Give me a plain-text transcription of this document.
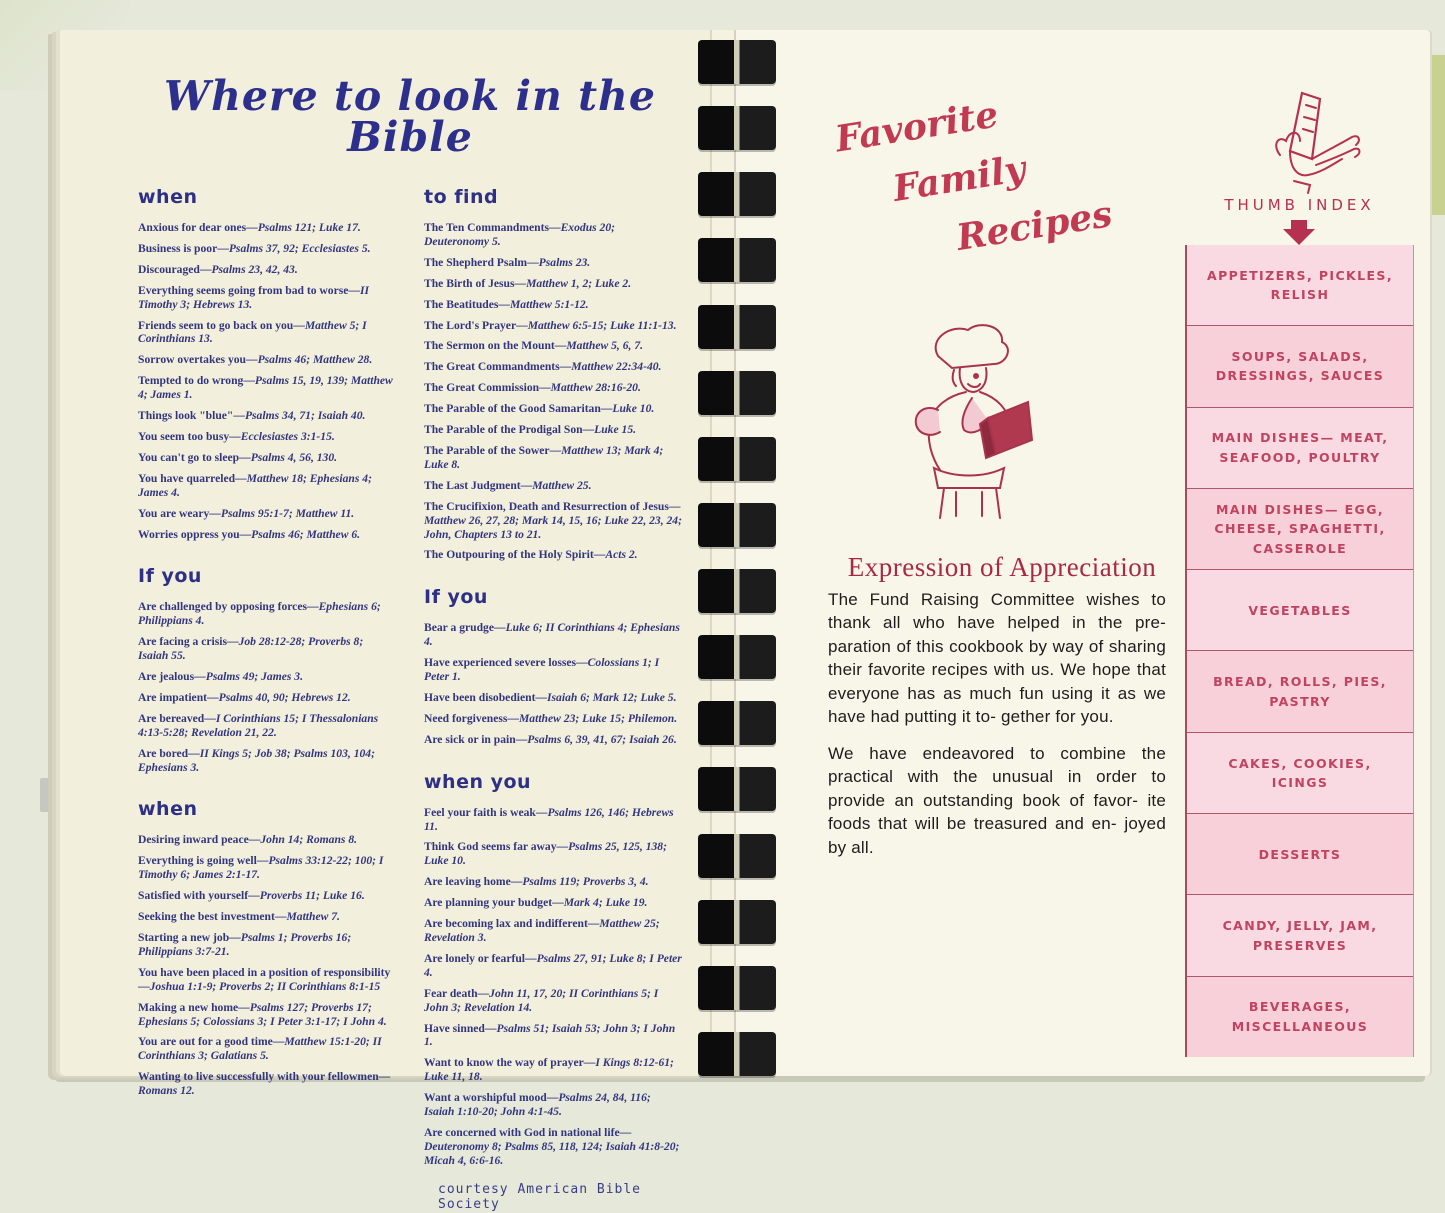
Where to look in the Bible
when

Anxious for dear ones—Psalms 121; Luke 17.

Business is poor—Psalms 37, 92; Ecclesiastes 5.

Discouraged—Psalms 23, 42, 43.

Everything seems going from bad to worse—II Timothy 3; Hebrews 13.

Friends seem to go back on you—Matthew 5; I Corinthians 13.

Sorrow overtakes you—Psalms 46; Matthew 28.

Tempted to do wrong—Psalms 15, 19, 139; Matthew 4; James 1.

Things look "blue"—Psalms 34, 71; Isaiah 40.

You seem too busy—Ecclesiastes 3:1-15.

You can't go to sleep—Psalms 4, 56, 130.

You have quarreled—Matthew 18; Ephesians 4; James 4.

You are weary—Psalms 95:1-7; Matthew 11.

Worries oppress you—Psalms 46; Matthew 6.

If you

Are challenged by opposing forces—Ephesians 6; Philippians 4.

Are facing a crisis—Job 28:12-28; Proverbs 8; Isaiah 55.

Are jealous—Psalms 49; James 3.

Are impatient—Psalms 40, 90; Hebrews 12.

Are bereaved—I Corinthians 15; I Thessalonians 4:13-5:28; Revelation 21, 22.

Are bored—II Kings 5; Job 38; Psalms 103, 104; Ephesians 3.

when

Desiring inward peace—John 14; Romans 8.

Everything is going well—Psalms 33:12-22; 100; I Timothy 6; James 2:1-17.

Satisfied with yourself—Proverbs 11; Luke 16.

Seeking the best investment—Matthew 7.

Starting a new job—Psalms 1; Proverbs 16; Philippians 3:7-21.

You have been placed in a position of responsibility—Joshua 1:1-9; Proverbs 2; II Corinthians 8:1-15

Making a new home—Psalms 127; Proverbs 17; Ephesians 5; Colossians 3; I Peter 3:1-17; I John 4.

You are out for a good time—Matthew 15:1-20; II Corinthians 3; Galatians 5.

Wanting to live successfully with your fellowmen—Romans 12.

to find

The Ten Commandments—Exodus 20; Deuteronomy 5.

The Shepherd Psalm—Psalms 23.

The Birth of Jesus—Matthew 1, 2; Luke 2.

The Beatitudes—Matthew 5:1-12.

The Lord's Prayer—Matthew 6:5-15; Luke 11:1-13.

The Sermon on the Mount—Matthew 5, 6, 7.

The Great Commandments—Matthew 22:34-40.

The Great Commission—Matthew 28:16-20.

The Parable of the Good Samaritan—Luke 10.

The Parable of the Prodigal Son—Luke 15.

The Parable of the Sower—Matthew 13; Mark 4; Luke 8.

The Last Judgment—Matthew 25.

The Crucifixion, Death and Resurrection of Jesus—Matthew 26, 27, 28; Mark 14, 15, 16; Luke 22, 23, 24; John, Chapters 13 to 21.

The Outpouring of the Holy Spirit—Acts 2.

If you

Bear a grudge—Luke 6; II Corinthians 4; Ephesians 4.

Have experienced severe losses—Colossians 1; I Peter 1.

Have been disobedient—Isaiah 6; Mark 12; Luke 5.

Need forgiveness—Matthew 23; Luke 15; Philemon.

Are sick or in pain—Psalms 6, 39, 41, 67; Isaiah 26.

when you

Feel your faith is weak—Psalms 126, 146; Hebrews 11.

Think God seems far away—Psalms 25, 125, 138; Luke 10.

Are leaving home—Psalms 119; Proverbs 3, 4.

Are planning your budget—Mark 4; Luke 19.

Are becoming lax and indifferent—Matthew 25; Revelation 3.

Are lonely or fearful—Psalms 27, 91; Luke 8; I Peter 4.

Fear death—John 11, 17, 20; II Corinthians 5; I John 3; Revelation 14.

Have sinned—Psalms 51; Isaiah 53; John 3; I John 1.

Want to know the way of prayer—I Kings 8:12-61; Luke 11, 18.

Want a worshipful mood—Psalms 24, 84, 116; Isaiah 1:10-20; John 4:1-45.

Are concerned with God in national life—Deuteronomy 8; Psalms 85, 118, 124; Isaiah 41:8-20; Micah 4, 6:6-16.

courtesy American Bible Society
Favorite
Family
Recipes	THUMB INDEX
APPETIZERS, PICKLES, RELISH
SOUPS, SALADS, DRESSINGS, SAUCES
MAIN DISHES— MEAT, SEAFOOD, POULTRY
MAIN DISHES— EGG, CHEESE, SPAGHETTI, CASSEROLE
VEGETABLES
BREAD, ROLLS, PIES, PASTRY
CAKES, COOKIES, ICINGS
DESSERTS
CANDY, JELLY, JAM, PRESERVES
BEVERAGES, MISCELLANEOUS
Expression of Appreciation

The Fund Raising Committee wishes to thank all who have helped in the pre- paration of this cookbook by way of sharing their favorite recipes with us. We hope that everyone has as much fun using it as we have had putting it to- gether for you.

We have endeavored to combine the practical with the unusual in order to provide an outstanding book of favor- ite foods that will be treasured and en- joyed by all.
